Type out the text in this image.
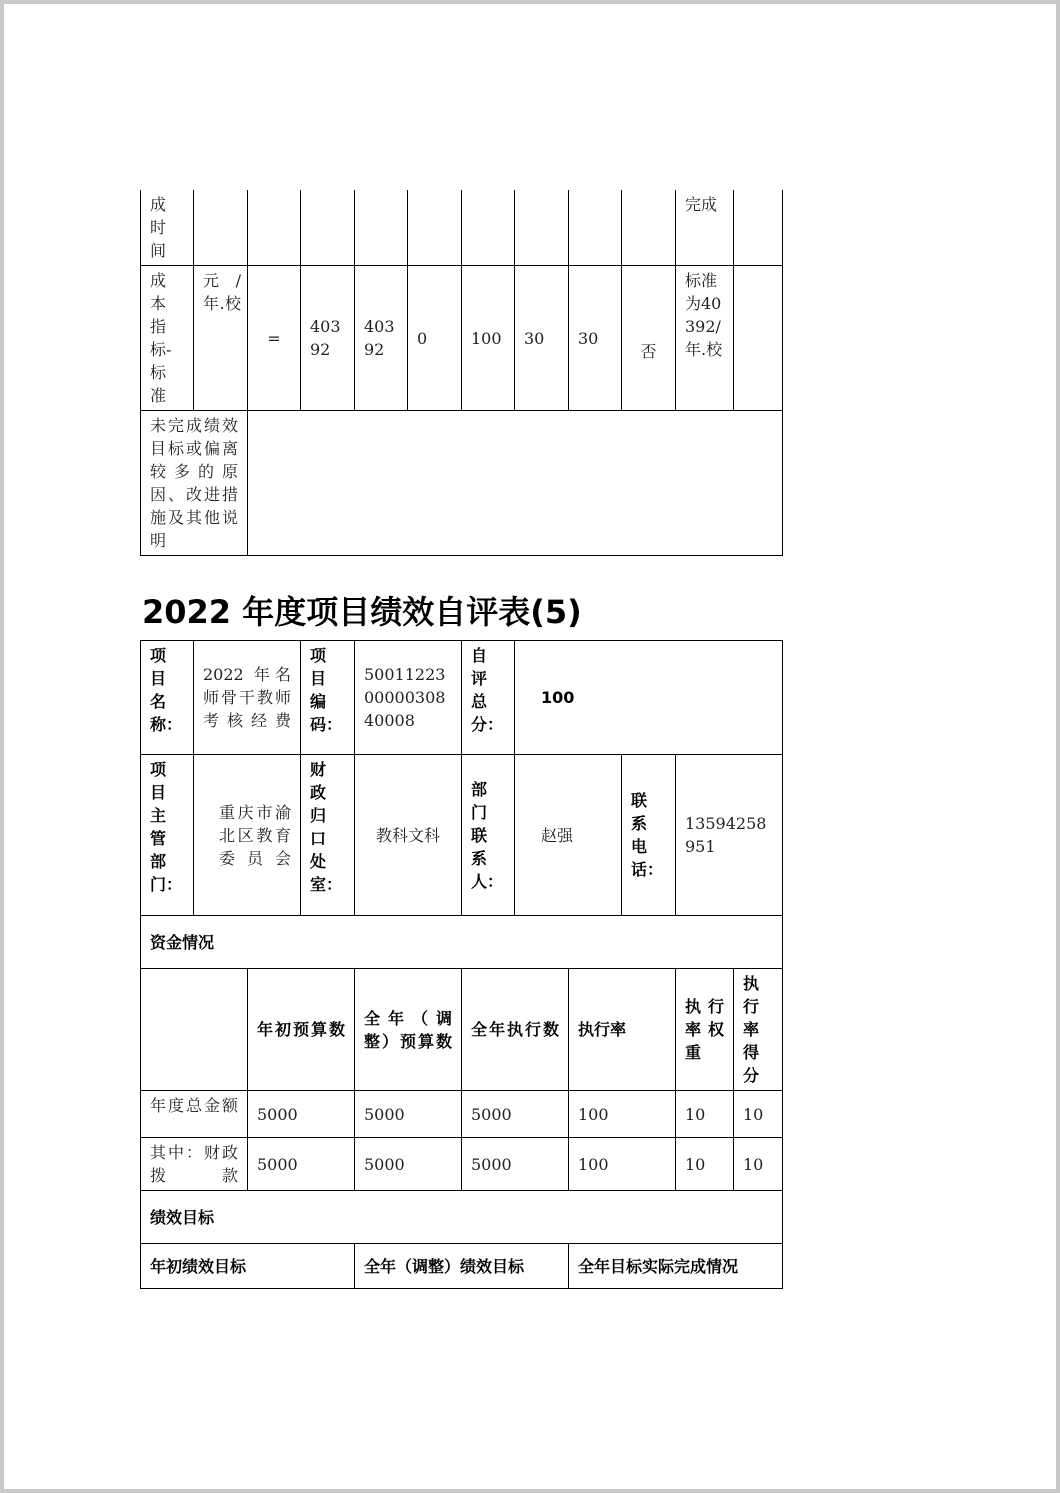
成时间										完成	

成本指标-标准	元/年.校	=	40392	40392	0	100	30	30	否	标准为40392/年.校	

未完成绩效目标或偏离较多的原因、改进措施及其他说明											

2022 年度项目绩效自评表(5)
项目名称：	2022 年名师骨干教师考核经费		项目编码：	500112230000030840008	自评总分：	100				

项目主管部门：	重庆市渝北区教育委员会		财政归口处室：	教科文科	部门联系人：	赵强		联系电话：	13594258951	
资金情况										

		年初预算数		全年（调整）预算数	全年执行数		执行率		执行率权重	执行率得分

年度总金额		5000		5000	5000		100		10	10

其中：财政拨款		5000		5000	5000		100		10	10
绩效目标										
年初绩效目标				全年（调整）绩效目标			全年目标实际完成情况			
